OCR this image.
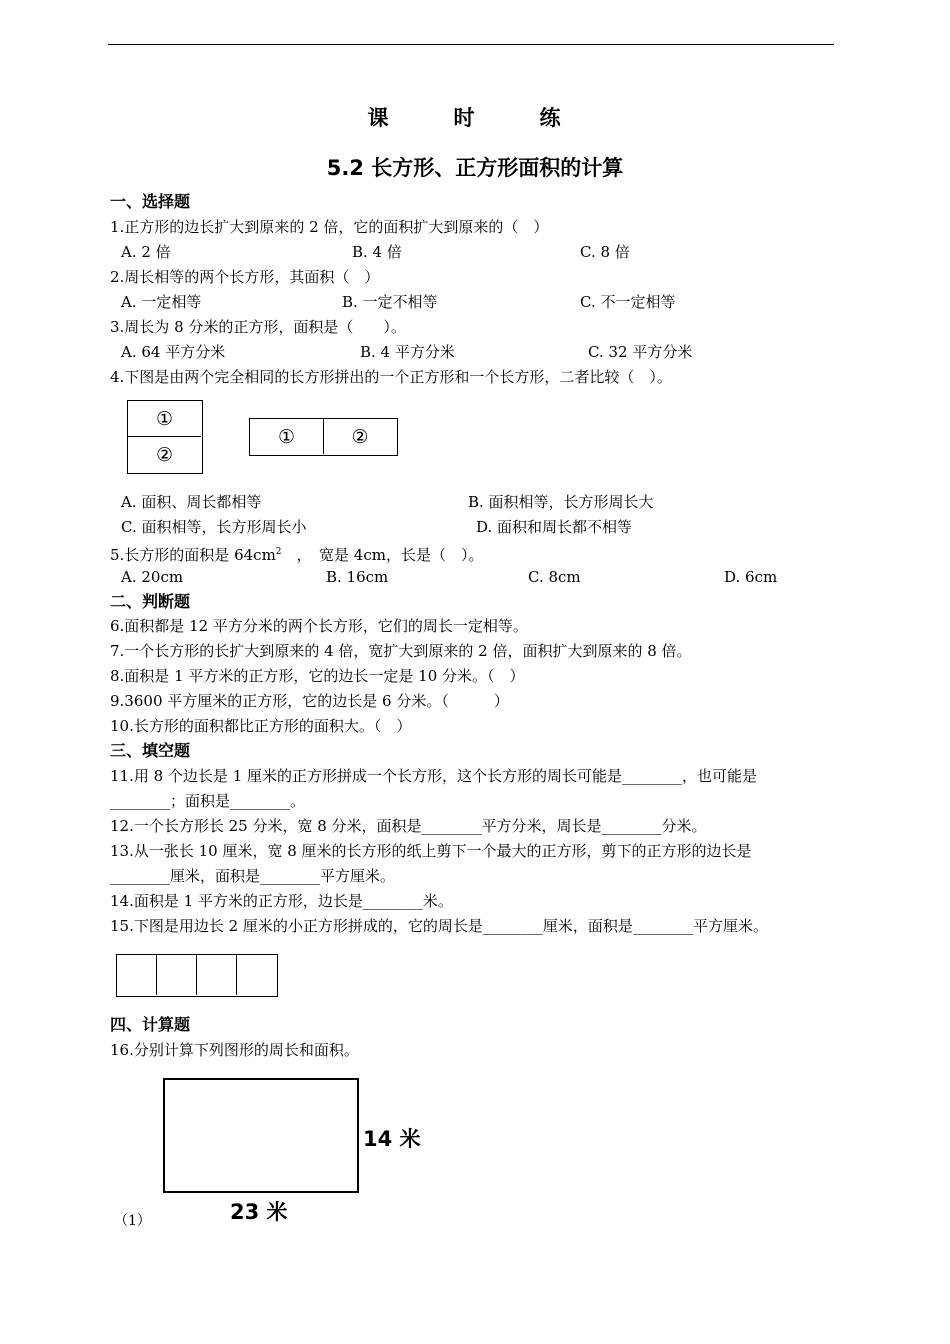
课　时　练
5.2 长方形、正方形面积的计算
一、选择题
1.正方形的边长扩大到原来的 2 倍，它的面积扩大到原来的（　）
A. 2 倍	B. 4 倍	C. 8 倍
2.周长相等的两个长方形，其面积（　）
A. 一定相等	B. 一定不相等	C. 不一定相等
3.周长为 8 分米的正方形，面积是（　　）。
A. 64 平方分米	B. 4 平方分米	C. 32 平方分米
4.下图是由两个完全相同的长方形拼出的一个正方形和一个长方形，二者比较（　）。
①
②
①	②
A. 面积、周长都相等	B. 面积相等，长方形周长大
C. 面积相等，长方形周长小	D. 面积和周长都不相等
5.长方形的面积是 $64cm^2$　，　宽是 4cm，长是（　）。
A. 20cm	B. 16cm	C. 8cm	D. 6cm
二、判断题
6.面积都是 12 平方分米的两个长方形，它们的周长一定相等。
7.一个长方形的长扩大到原来的 4 倍，宽扩大到原来的 2 倍，面积扩大到原来的 8 倍。
8.面积是 1 平方米的正方形，它的边长一定是 10 分米。（　）
9.3600 平方厘米的正方形，它的边长是 6 分米。（　　　）
10.长方形的面积都比正方形的面积大。（　）
三、填空题
11.用 8 个边长是 1 厘米的正方形拼成一个长方形，这个长方形的周长可能是________，也可能是
________；面积是________。
12.一个长方形长 25 分米，宽 8 分米，面积是________平方分米，周长是________分米。
13.从一张长 10 厘米，宽 8 厘米的长方形的纸上剪下一个最大的正方形，剪下的正方形的边长是
________厘米，面积是________平方厘米。
14.面积是 1 平方米的正方形，边长是________米。
15.下图是用边长 2 厘米的小正方形拼成的，它的周长是________厘米，面积是________平方厘米。
四、计算题
16.分别计算下列图形的周长和面积。
14 米
23 米
（1）
